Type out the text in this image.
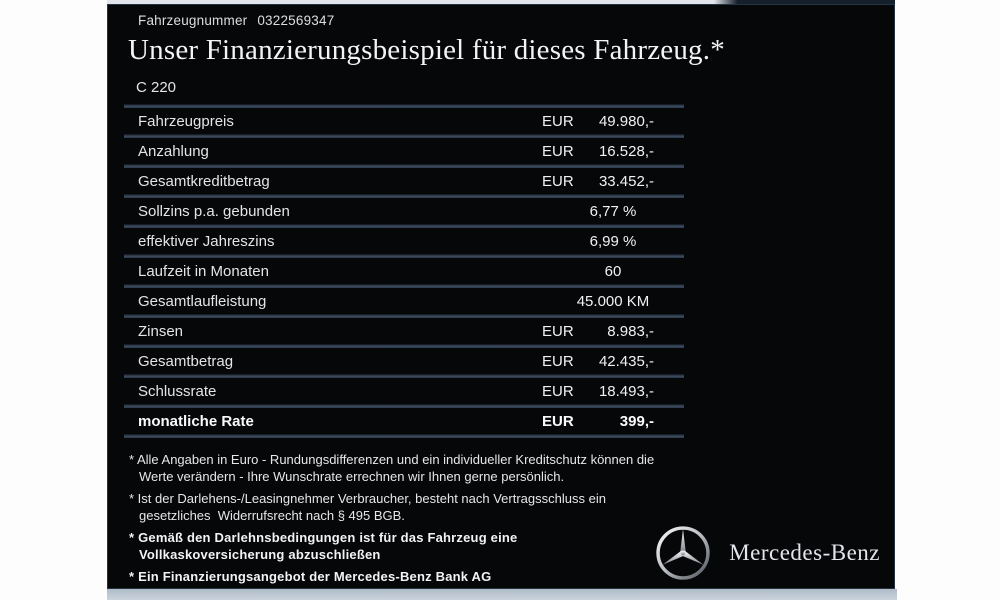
Fahrzeugnummer 0322569347
Unser Finanzierungsbeispiel für dieses Fahrzeug.*
C 220
Fahrzeugpreis	EUR 49.980,-
Anzahlung	EUR 16.528,-
Gesamtkreditbetrag	EUR 33.452,-
Sollzins p.a. gebunden	6,77 %
effektiver Jahreszins	6,99 %
Laufzeit in Monaten	60
Gesamtlaufleistung	45.000 KM
Zinsen	EUR 8.983,-
Gesamtbetrag	EUR 42.435,-
Schlussrate	EUR 18.493,-
monatliche Rate	EUR	399,-
* Alle Angaben in Euro - Rundungsdifferenzen und ein individueller Kreditschutz können die
Werte verändern - Ihre Wunschrate errechnen wir Ihnen gerne persönlich.
* Ist der Darlehens-/Leasingnehmer Verbraucher, besteht nach Vertragsschluss ein
gesetzliches  Widerrufsrecht nach § 495 BGB.
* Gemäß den Darlehnsbedingungen ist für das Fahrzeug eine
Vollkaskoversicherung abzuschließen
* Ein Finanzierungsangebot der Mercedes-Benz Bank AG
Mercedes-Benz
